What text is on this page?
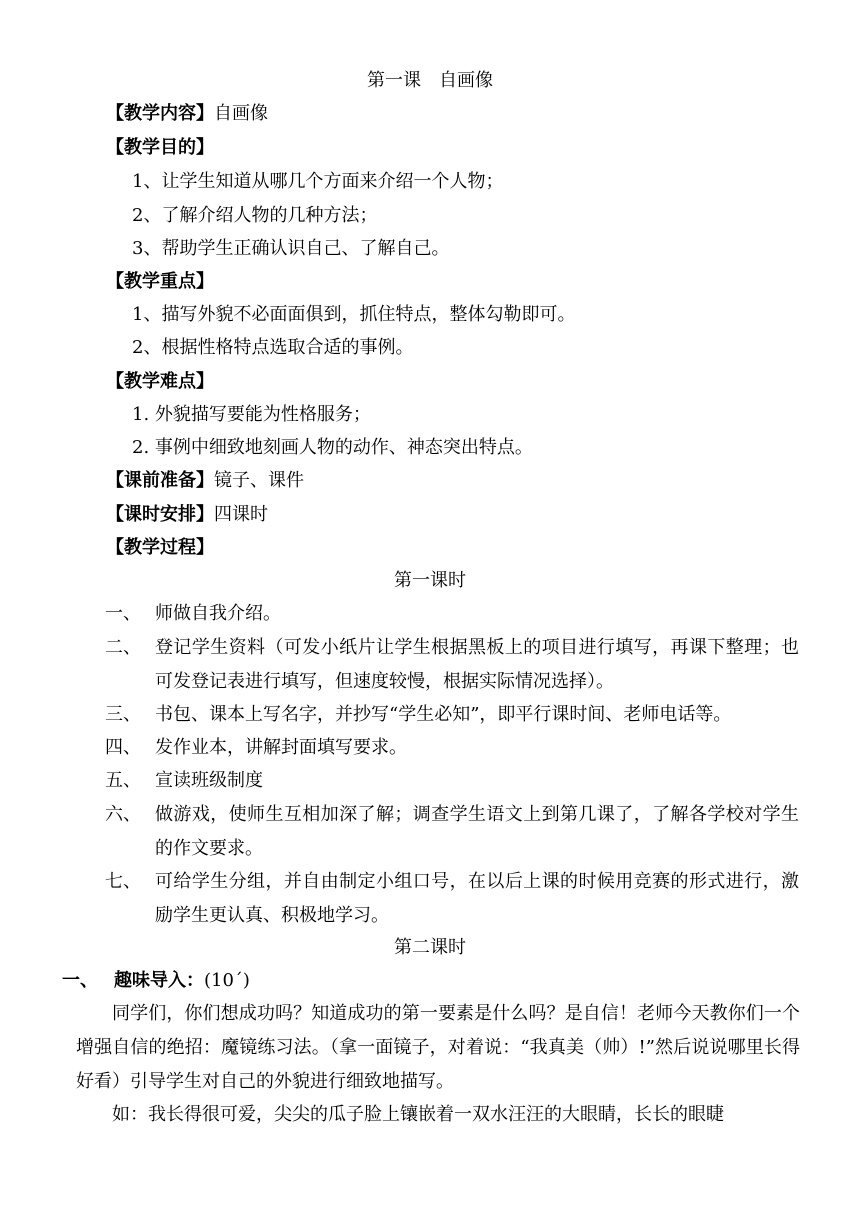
第一课　自画像
【教学内容】自画像
【教学目的】
1、让学生知道从哪几个方面来介绍一个人物；
2、了解介绍人物的几种方法；
3、帮助学生正确认识自己、了解自己。
【教学重点】
1、描写外貌不必面面俱到，抓住特点，整体勾勒即可。
2、根据性格特点选取合适的事例。
【教学难点】
1. 外貌描写要能为性格服务；
2. 事例中细致地刻画人物的动作、神态突出特点。
【课前准备】镜子、课件
【课时安排】四课时
【教学过程】
第一课时
一、 师做自我介绍。
二、 登记学生资料（可发小纸片让学生根据黑板上的项目进行填写，再课下整理；也可发登记表进行填写，但速度较慢，根据实际情况选择）。
三、 书包、课本上写名字，并抄写“学生必知”，即平行课时间、老师电话等。
四、 发作业本，讲解封面填写要求。
五、 宣读班级制度
六、 做游戏，使师生互相加深了解；调查学生语文上到第几课了，了解各学校对学生的作文要求。
七、 可给学生分组，并自由制定小组口号，在以后上课的时候用竞赛的形式进行，激励学生更认真、积极地学习。
第二课时
一、 趣味导入：(10´)
同学们，你们想成功吗？知道成功的第一要素是什么吗？是自信！老师今天教你们一个增强自信的绝招：魔镜练习法。（拿一面镜子，对着说：“我真美（帅）!”然后说说哪里长得好看）引导学生对自己的外貌进行细致地描写。
如：我长得很可爱，尖尖的瓜子脸上镶嵌着一双水汪汪的大眼睛，长长的眼睫
